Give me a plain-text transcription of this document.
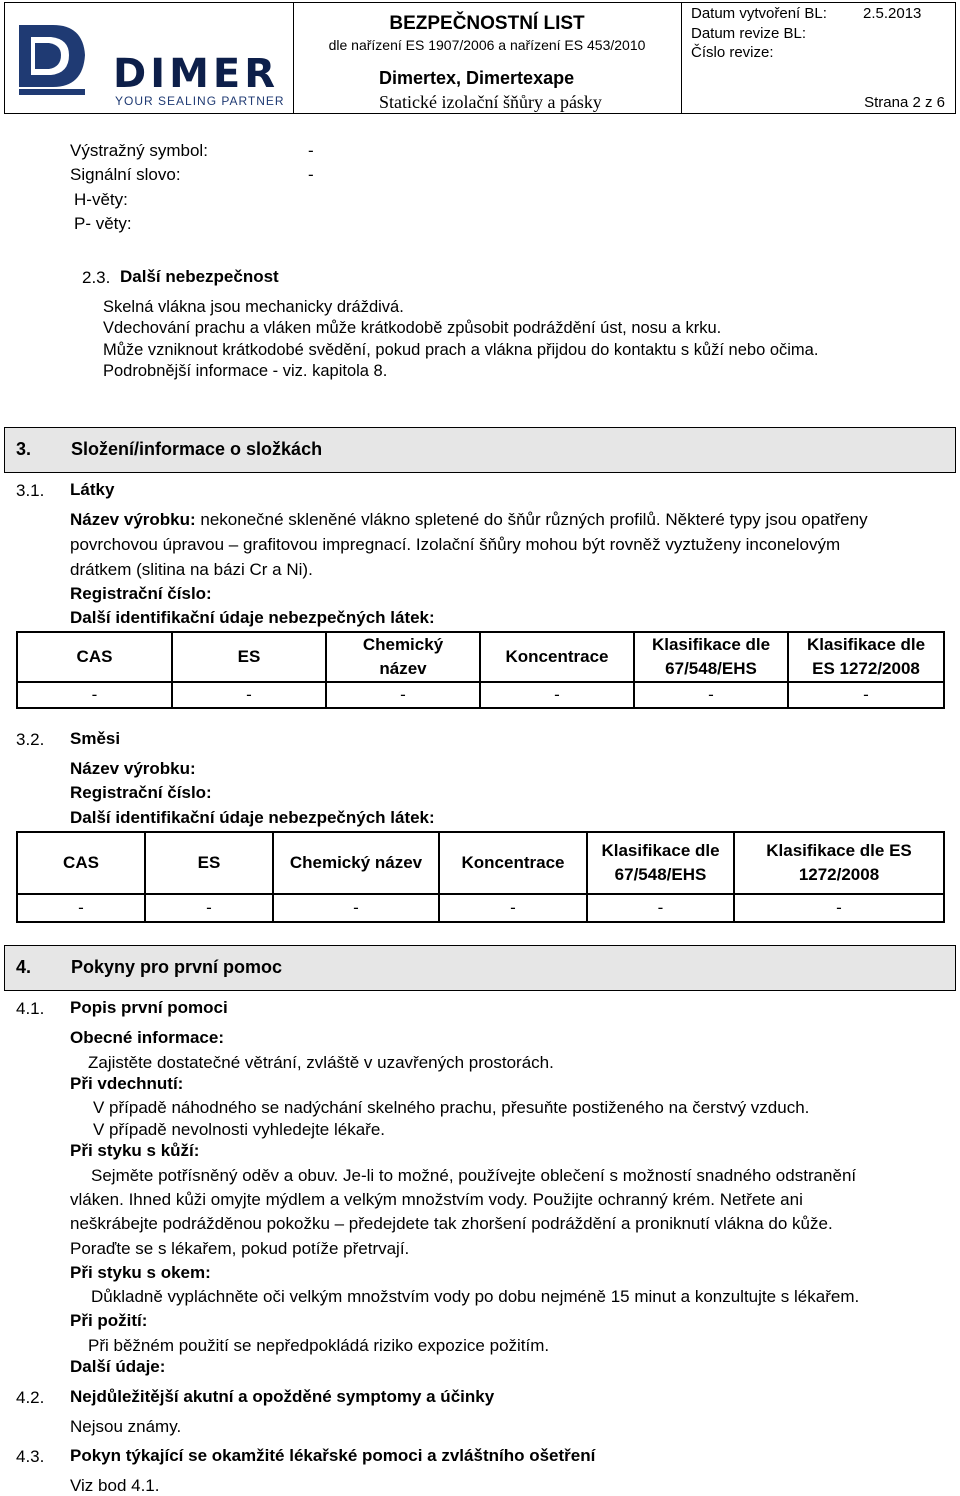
DIMER
YOUR SEALING PARTNER
BEZPEČNOSTNÍ LIST
dle nařízení ES 1907/2006 a nařízení ES 453/2010
Dimertex, Dimertexape
Statické izolační šňůry a pásky
Datum vytvoření BL: 2.5.2013
Datum revize BL:
Číslo revize:
Strana 2 z 6
Výstražný symbol:	-
Signální slovo:	-
H-věty:
P- věty:
2.3. Další nebezpečnost
Skelná vlákna jsou mechanicky dráždivá.
Vdechování prachu a vláken může krátkodobě způsobit podráždění úst, nosu a krku.
Může vzniknout krátkodobé svědění, pokud prach a vlákna přijdou do kontaktu s kůží nebo očima.
Podrobnější informace - viz. kapitola 8.
3. Složení/informace o složkách
3.1. Látky
Název výrobku: nekonečné skleněné vlákno spletené do šňůr různých profilů. Některé typy jsou opatřeny
povrchovou úpravou – grafitovou impregnací. Izolační šňůry mohou být rovněž vyztuženy inconelovým
drátkem (slitina na bázi Cr a Ni).
Registrační číslo:
Další identifikační údaje nebezpečných látek:
CAS	ES	Chemický název	Koncentrace	Klasifikace dle 67/548/EHS	Klasifikace dle ES 1272/2008
-	-	-	-	-	-
3.2. Směsi
Název výrobku:
Registrační číslo:
Další identifikační údaje nebezpečných látek:
CAS	ES	Chemický název	Koncentrace	Klasifikace dle 67/548/EHS	Klasifikace dle ES 1272/2008
-	-	-	-	-	-
4. Pokyny pro první pomoc
4.1. Popis první pomoci
Obecné informace:
Zajistěte dostatečné větrání, zvláště v uzavřených prostorách.
Při vdechnutí:
V případě náhodného se nadýchání skelného prachu, přesuňte postiženého na čerstvý vzduch.
V případě nevolnosti vyhledejte lékaře.
Při styku s kůží:
Sejměte potřísněný oděv a obuv. Je-li to možné, používejte oblečení s možností snadného odstranění
vláken. Ihned kůži omyjte mýdlem a velkým množstvím vody. Použijte ochranný krém. Netřete ani
neškrábejte podrážděnou pokožku – předejdete tak zhoršení podráždění a proniknutí vlákna do kůže.
Poraďte se s lékařem, pokud potíže přetrvají.
Při styku s okem:
Důkladně vypláchněte oči velkým množstvím vody po dobu nejméně 15 minut a konzultujte s lékařem.
Při požití:
Při běžném použití se nepředpokládá riziko expozice požitím.
Další údaje:
4.2. Nejdůležitější akutní a opožděné symptomy a účinky
Nejsou známy.
4.3. Pokyn týkající se okamžité lékařské pomoci a zvláštního ošetření
Viz bod 4.1.
